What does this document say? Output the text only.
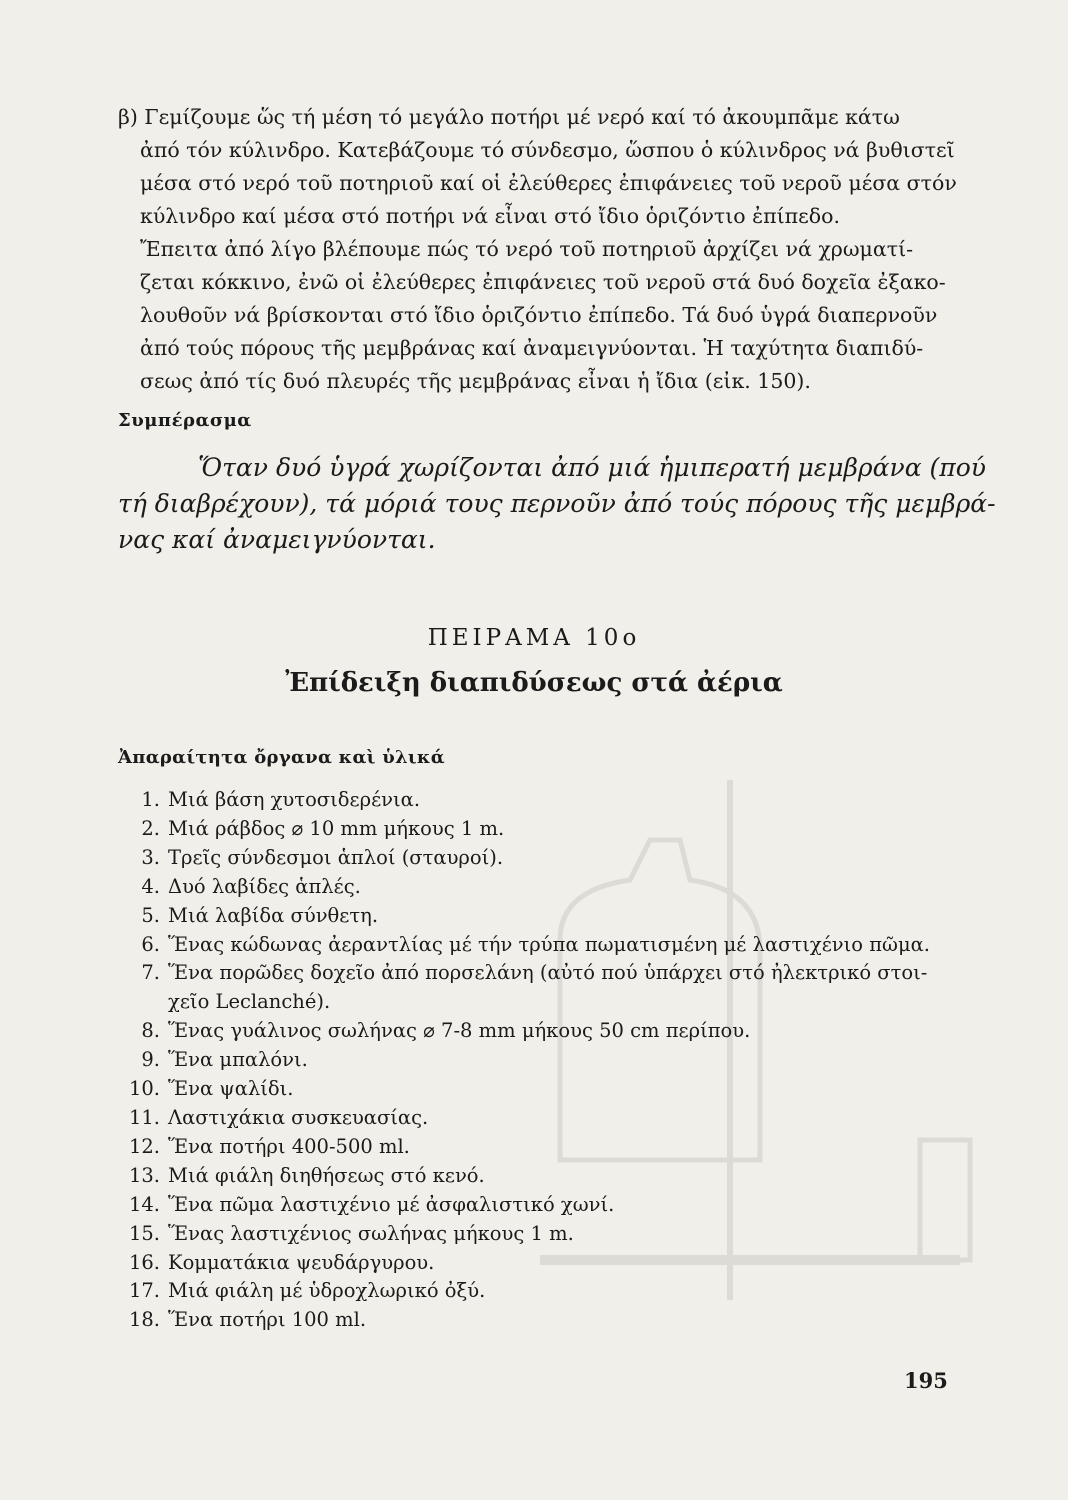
β) Γεμίζουμε ὥς τή μέση τό μεγάλο ποτήρι μέ νερό καί τό ἀκουμπᾶμε κάτω
ἀπό τόν κύλινδρο. Κατεβάζουμε τό σύνδεσμο, ὥσπου ὁ κύλινδρος νά βυθιστεῖ
μέσα στό νερό τοῦ ποτηριοῦ καί οἱ ἐλεύθερες ἐπιφάνειες τοῦ νεροῦ μέσα στόν
κύλινδρο καί μέσα στό ποτήρι νά εἶναι στό ἴδιο ὁριζόντιο ἐπίπεδο.
Ἔπειτα ἀπό λίγο βλέπουμε πώς τό νερό τοῦ ποτηριοῦ ἀρχίζει νά χρωματί-
ζεται κόκκινο, ἐνῶ οἱ ἐλεύθερες ἐπιφάνειες τοῦ νεροῦ στά δυό δοχεῖα ἐξακο-
λουθοῦν νά βρίσκονται στό ἴδιο ὁριζόντιο ἐπίπεδο. Τά δυό ὑγρά διαπερνοῦν
ἀπό τούς πόρους τῆς μεμβράνας καί ἀναμειγνύονται. Ἡ ταχύτητα διαπιδύ-
σεως ἀπό τίς δυό πλευρές τῆς μεμβράνας εἶναι ἡ ἴδια (εἰκ. 150).
Συμπέρασμα
Ὅταν δυό ὑγρά χωρίζονται ἀπό μιά ἡμιπερατή μεμβράνα (πού
τή διαβρέχουν), τά μόριά τους περνοῦν ἀπό τούς πόρους τῆς μεμβρά-
νας καί ἀναμειγνύονται.
ΠΕΙΡΑΜΑ 10ο
Ἐπίδειξη διαπιδύσεως στά ἀέρια
Ἀπαραίτητα ὄργανα καὶ ὑλικά
1. Μιά βάση χυτοσιδερένια.
2. Μιά ράβδος ⌀ 10 mm μήκους 1 m.
3. Τρεῖς σύνδεσμοι ἁπλοί (σταυροί).
4. Δυό λαβίδες ἁπλές.
5. Μιά λαβίδα σύνθετη.
6. Ἕνας κώδωνας ἀεραντλίας μέ τήν τρύπα πωματισμένη μέ λαστιχένιο πῶμα.
7. Ἕνα πορῶδες δοχεῖο ἀπό πορσελάνη (αὐτό πού ὑπάρχει στό ἠλεκτρικό στοι-
χεῖο Leclanché).
8. Ἕνας γυάλινος σωλήνας ⌀ 7-8 mm μήκους 50 cm περίπου.
9. Ἕνα μπαλόνι.
10. Ἕνα ψαλίδι.
11. Λαστιχάκια συσκευασίας.
12. Ἕνα ποτήρι 400-500 ml.
13. Μιά φιάλη διηθήσεως στό κενό.
14. Ἕνα πῶμα λαστιχένιο μέ ἀσφαλιστικό χωνί.
15. Ἕνας λαστιχένιος σωλήνας μήκους 1 m.
16. Κομματάκια ψευδάργυρου.
17. Μιά φιάλη μέ ὑδροχλωρικό ὀξύ.
18. Ἕνα ποτήρι 100 ml.
195
